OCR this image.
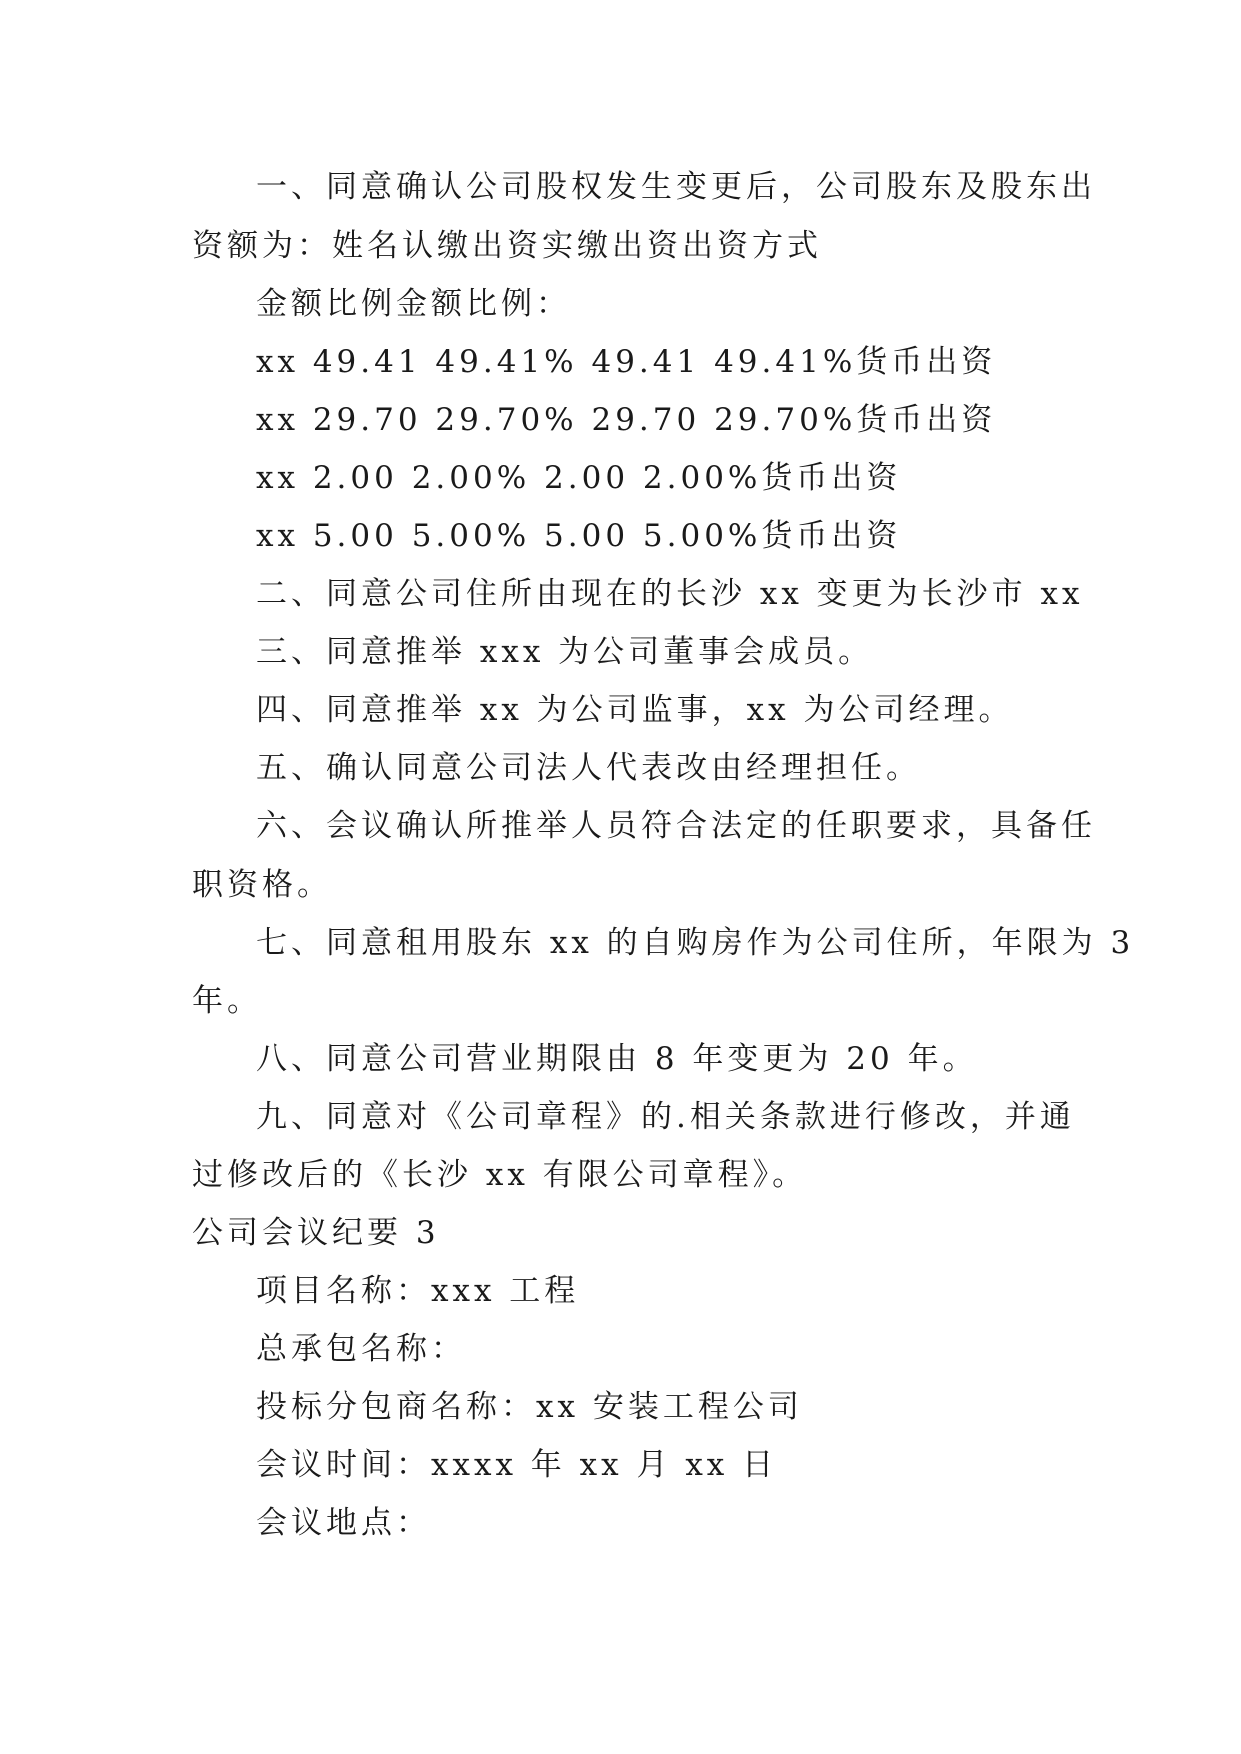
一、同意确认公司股权发生变更后，公司股东及股东出
资额为：姓名认缴出资实缴出资出资方式
金额比例金额比例：
xx 49.41 49.41% 49.41 49.41%货币出资
xx 29.70 29.70% 29.70 29.70%货币出资
xx 2.00 2.00% 2.00 2.00%货币出资
xx 5.00 5.00% 5.00 5.00%货币出资
二、同意公司住所由现在的长沙 xx 变更为长沙市 xx
三、同意推举 xxx 为公司董事会成员。
四、同意推举 xx 为公司监事，xx 为公司经理。
五、确认同意公司法人代表改由经理担任。
六、会议确认所推举人员符合法定的任职要求，具备任
职资格。
七、同意租用股东 xx 的自购房作为公司住所，年限为 3
年。
八、同意公司营业期限由 8 年变更为 20 年。
九、同意对《公司章程》的.相关条款进行修改，并通
过修改后的《长沙 xx 有限公司章程》。
公司会议纪要 3
项目名称：xxx 工程
总承包名称：
投标分包商名称：xx 安装工程公司
会议时间：xxxx 年 xx 月 xx 日
会议地点：
